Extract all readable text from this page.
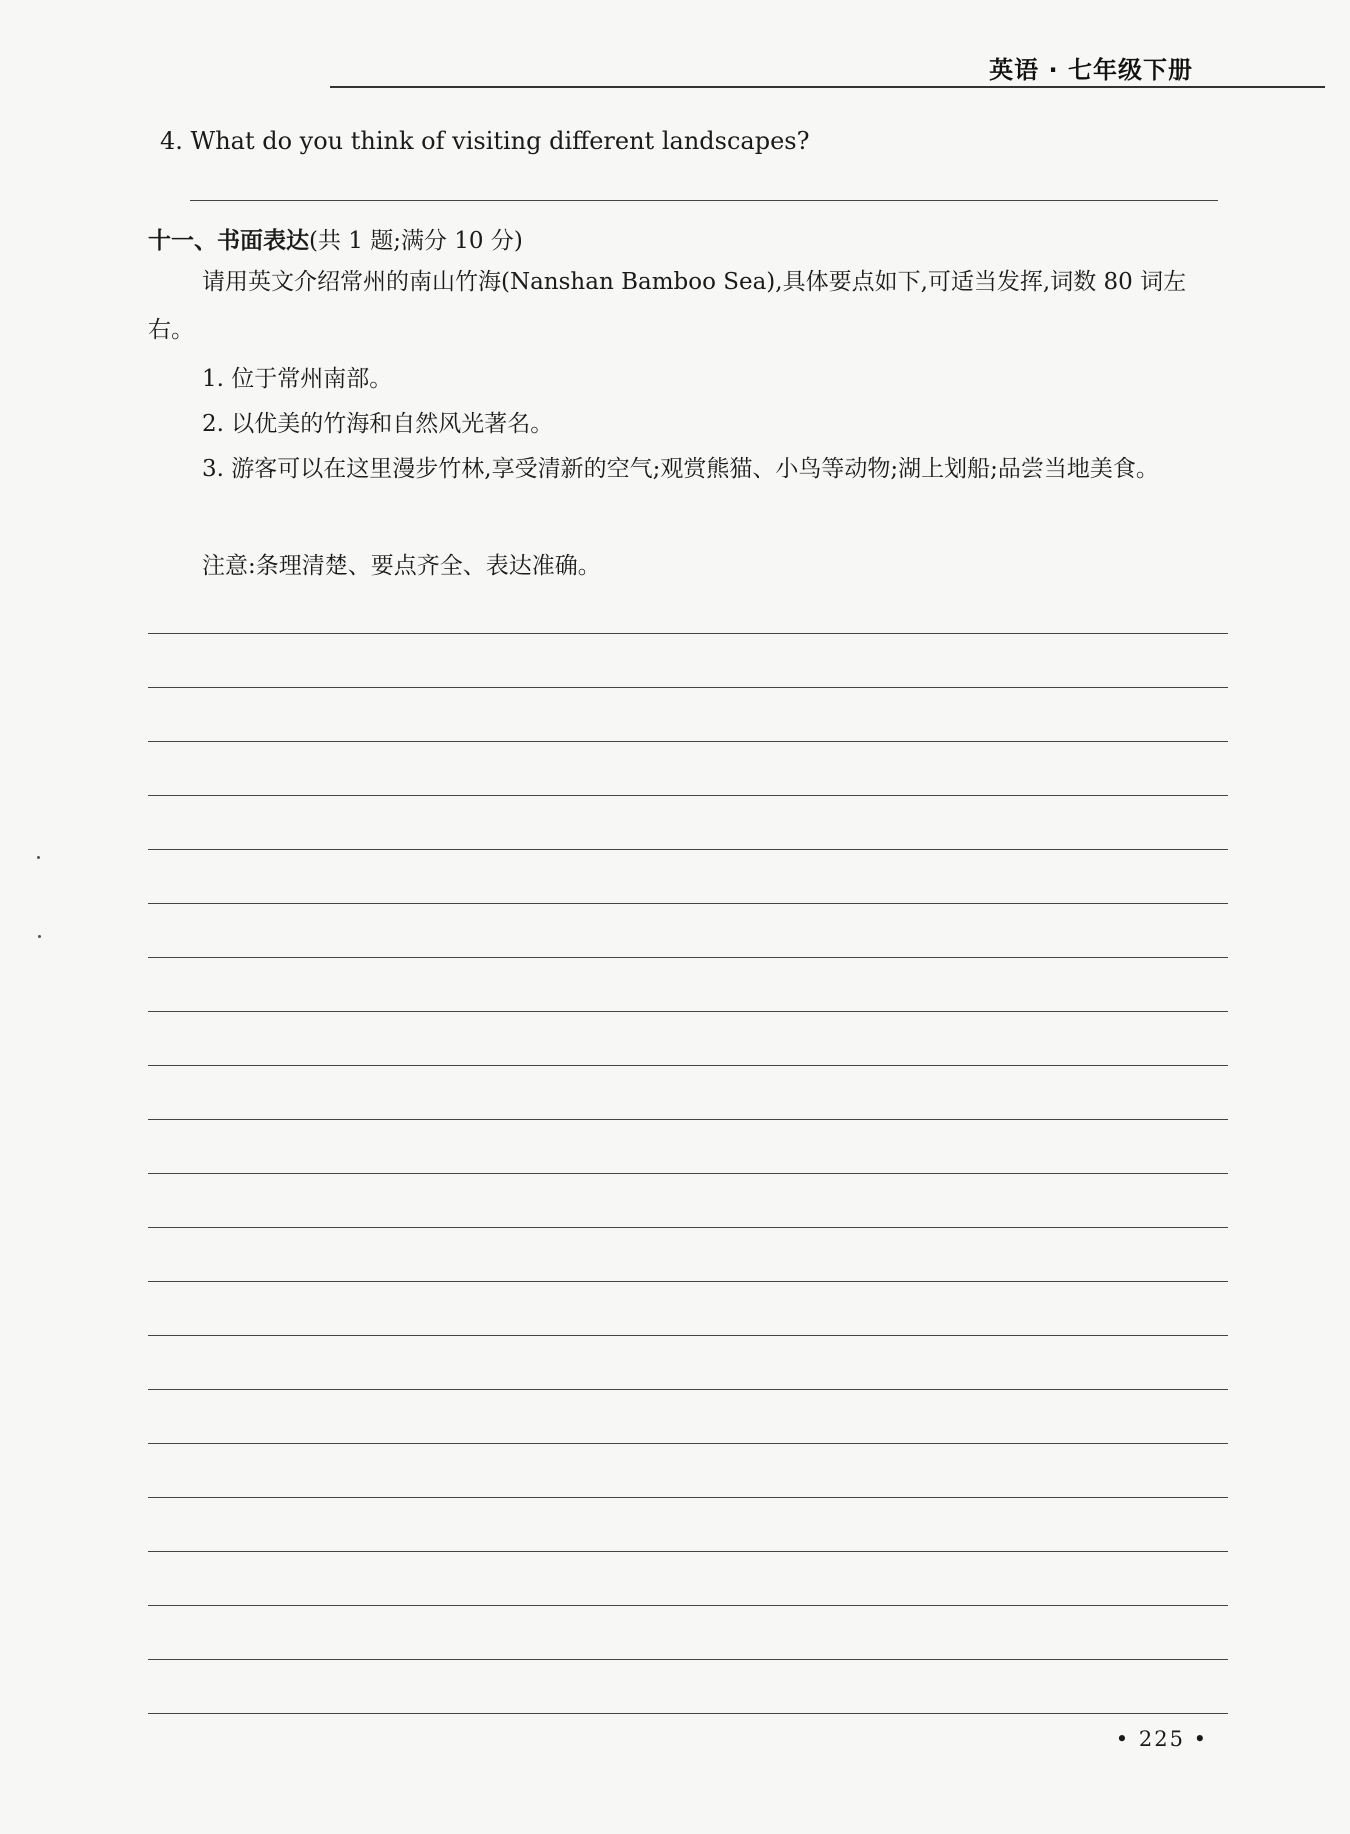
英语 · 七年级下册
4. What do you think of visiting different landscapes?
十一、书面表达(共 1 题;满分 10 分)
请用英文介绍常州的南山竹海(Nanshan Bamboo Sea),具体要点如下,可适当发挥,词数 80 词左右。
1. 位于常州南部。
2. 以优美的竹海和自然风光著名。
3. 游客可以在这里漫步竹林,享受清新的空气;观赏熊猫、小鸟等动物;湖上划船;品尝当地美食。
注意:条理清楚、要点齐全、表达准确。
• 225 •
